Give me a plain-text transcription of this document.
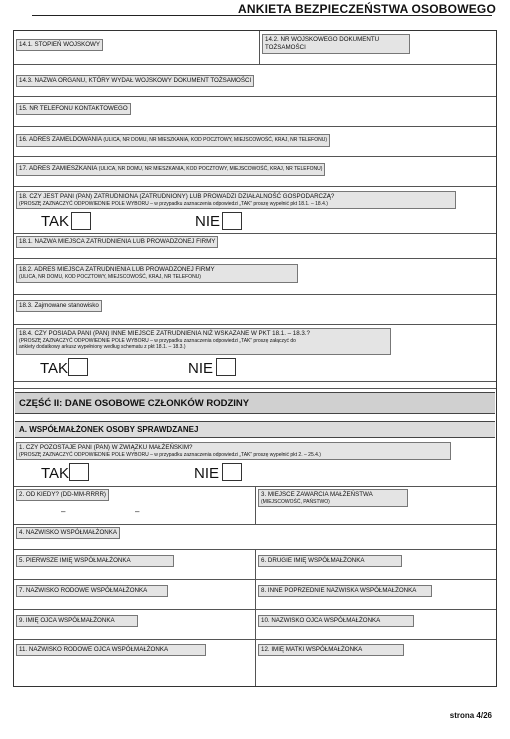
ANKIETA BEZPIECZEŃSTWA OSOBOWEGO
14.1. STOPIEŃ WOJSKOWY
14.2. NR WOJSKOWEGO DOKUMENTU
TOŻSAMOŚCI
14.3. NAZWA ORGANU, KTÓRY WYDAŁ WOJSKOWY DOKUMENT TOŻSAMOŚCI
15. NR TELEFONU KONTAKTOWEGO
16. ADRES ZAMELDOWANIA (ULICA, NR DOMU, NR MIESZKANIA, KOD POCZTOWY, MIEJSCOWOŚĆ, KRAJ, NR TELEFONU)
17. ADRES ZAMIESZKANIA (ULICA, NR DOMU, NR MIESZKANIA, KOD POCZTOWY, MIEJSCOWOŚĆ, KRAJ, NR TELEFONU)
18. CZY JEST PANI (PAN) ZATRUDNIONA (ZATRUDNIONY) LUB PROWADZI DZIAŁALNOŚĆ GOSPODARCZĄ?
(PROSZĘ ZAZNACZYĆ ODPOWIEDNIE POLE WYBORU – w przypadku zaznaczenia odpowiedzi „TAK” proszę wypełnić pkt 18.1. – 18.4.)
TAK	NIE
18.1. NAZWA MIEJSCA ZATRUDNIENIA LUB PROWADZONEJ FIRMY
18.2. ADRES MIEJSCA ZATRUDNIENIA LUB PROWADZONEJ FIRMY
(ULICA, NR DOMU, KOD POCZTOWY, MIEJSCOWOŚĆ, KRAJ, NR TELEFONU)
18.3. Zajmowane stanowisko
18.4. CZY POSIADA PANI (PAN) INNE MIEJSCE ZATRUDNIENIA NIŻ WSKAZANE W PKT 18.1. – 18.3.?
(PROSZĘ ZAZNACZYĆ ODPOWIEDNIE POLE WYBORU – w przypadku zaznaczenia odpowiedzi „TAK” proszę załączyć do
ankiety dodatkowy arkusz wypełniony według schematu z pkt 18.1. – 18.3.)
TAK	NIE
CZĘŚĆ II: DANE OSOBOWE CZŁONKÓW RODZINY
A. WSPÓŁMAŁŻONEK OSOBY SPRAWDZANEJ
1. CZY POZOSTAJE PANI (PAN) W ZWIĄZKU MAŁŻEŃSKIM?
(PROSZĘ ZAZNACZYĆ ODPOWIEDNIE POLE WYBORU – w przypadku zaznaczenia odpowiedzi „TAK” proszę wypełnić pkt 2. – 25.4.)
TAK	NIE
2. OD KIEDY? (DD-MM-RRRR)
–	–
3. MIEJSCE ZAWARCIA MAŁŻEŃSTWA
(MIEJSCOWOŚĆ, PAŃSTWO)
4. NAZWISKO WSPÓŁMAŁŻONKA
5. PIERWSZE IMIĘ WSPÓŁMAŁŻONKA	6. DRUGIE IMIĘ WSPÓŁMAŁŻONKA
7. NAZWISKO RODOWE WSPÓŁMAŁŻONKA	8. INNE POPRZEDNIE NAZWISKA WSPÓŁMAŁŻONKA
9. IMIĘ OJCA WSPÓŁMAŁŻONKA	10. NAZWISKO OJCA WSPÓŁMAŁŻONKA
11. NAZWISKO RODOWE OJCA WSPÓŁMAŁŻONKA	12. IMIĘ MATKI WSPÓŁMAŁŻONKA
strona 4/26
